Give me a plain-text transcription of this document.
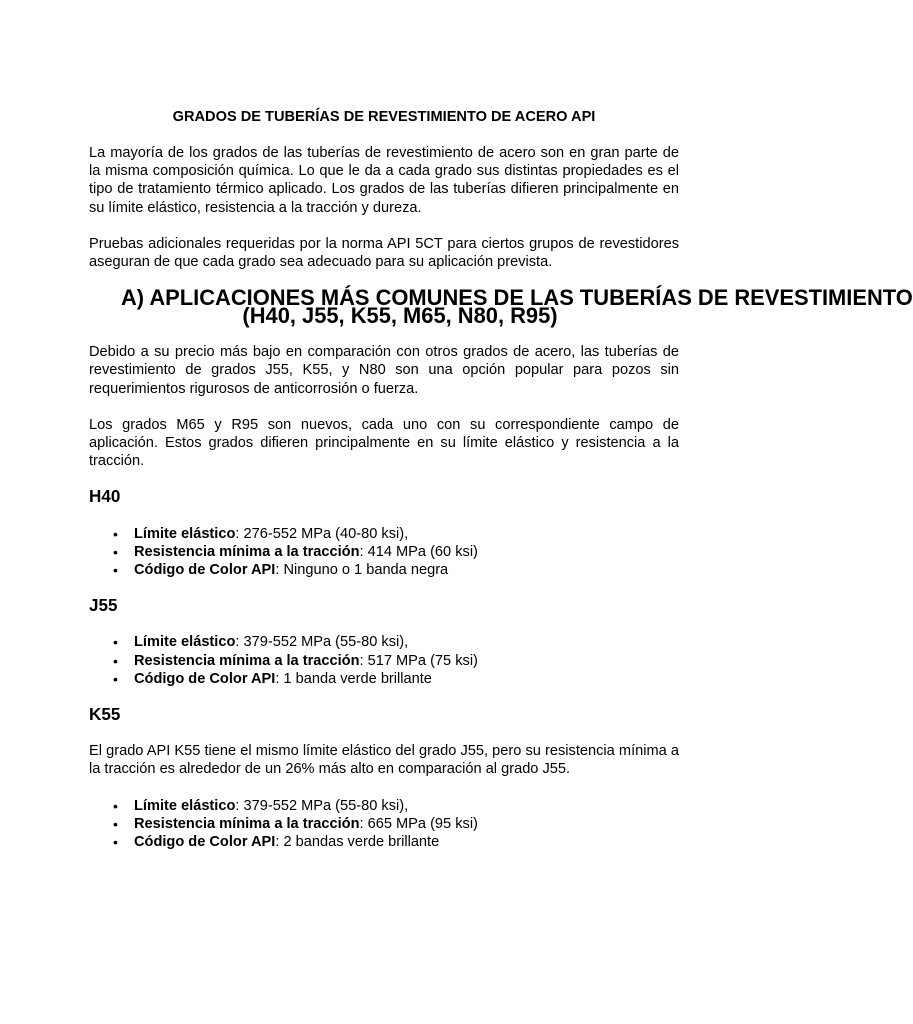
GRADOS DE TUBERÍAS DE REVESTIMIENTO DE ACERO API

La mayoría de los grados de las tuberías de revestimiento de acero son en gran parte de la misma composición química. Lo que le da a cada grado sus distintas propiedades es el tipo de tratamiento térmico aplicado. Los grados de las tuberías difieren principalmente en su límite elástico, resistencia a la tracción y dureza.

Pruebas adicionales requeridas por la norma API 5CT para ciertos grupos de revestidores aseguran de que cada grado sea adecuado para su aplicación prevista.

A) APLICACIONES MÁS COMUNES DE LAS TUBERÍAS DE REVESTIMIENTO
(H40, J55, K55, M65, N80, R95)

Debido a su precio más bajo en comparación con otros grados de acero, las tuberías de revestimiento de grados J55, K55, y N80 son una opción popular para pozos sin requerimientos rigurosos de anticorrosión o fuerza.

Los grados M65 y R95 son nuevos, cada uno con su correspondiente campo de aplicación. Estos grados difieren principalmente en su límite elástico y resistencia a la tracción.

H40
• Límite elástico: 276-552 MPa (40-80 ksi),
• Resistencia mínima a la tracción: 414 MPa (60 ksi)
• Código de Color API: Ninguno o 1 banda negra
J55
• Límite elástico: 379-552 MPa (55-80 ksi),
• Resistencia mínima a la tracción: 517 MPa (75 ksi)
• Código de Color API: 1 banda verde brillante
K55

El grado API K55 tiene el mismo límite elástico del grado J55, pero su resistencia mínima a la tracción es alrededor de un 26% más alto en comparación al grado J55.

• Límite elástico: 379-552 MPa (55-80 ksi),
• Resistencia mínima a la tracción: 665 MPa (95 ksi)
• Código de Color API: 2 bandas verde brillante
